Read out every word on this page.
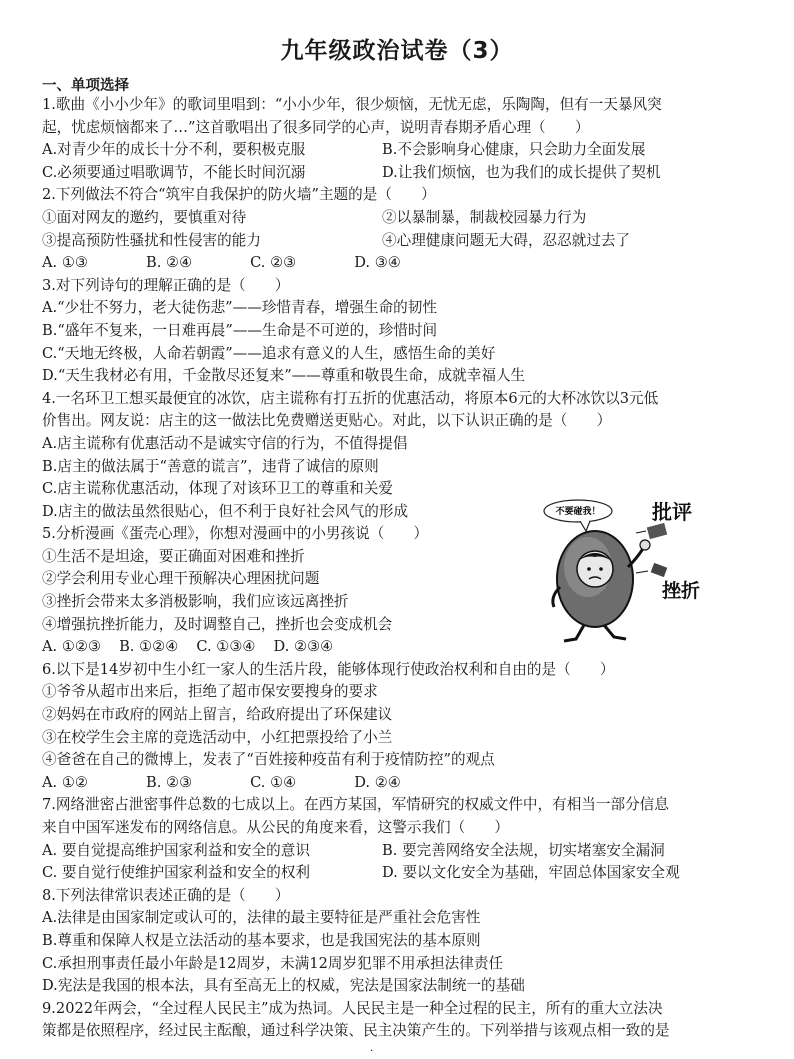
九年级政治试卷（3）
一、单项选择
1.歌曲《小小少年》的歌词里唱到：“小小少年，很少烦恼，无忧无虑，乐陶陶，但有一天暴风突
起，忧虑烦恼都来了…”这首歌唱出了很多同学的心声，说明青春期矛盾心理（　　）
A.对青少年的成长十分不利，要积极克服	B.不会影响身心健康，只会助力全面发展
C.必须要通过唱歌调节，不能长时间沉溺	D.让我们烦恼，也为我们的成长提供了契机
2.下列做法不符合“筑牢自我保护的防火墙”主题的是（　　）
①面对网友的邀约，要慎重对待	②以暴制暴，制裁校园暴力行为
③提高预防性骚扰和性侵害的能力	④心理健康问题无大碍，忍忍就过去了
A. ①③	B. ②④	C. ②③	D. ③④
3.对下列诗句的理解正确的是（　　）
A.“少壮不努力，老大徒伤悲”——珍惜青春，增强生命的韧性
B.“盛年不复来，一日难再晨”——生命是不可逆的，珍惜时间
C.“天地无终极，人命若朝霞”——追求有意义的人生，感悟生命的美好
D.“天生我材必有用，千金散尽还复来”——尊重和敬畏生命，成就幸福人生
4.一名环卫工想买最便宜的冰饮，店主谎称有打五折的优惠活动，将原本6元的大杯冰饮以3元低
价售出。网友说：店主的这一做法比免费赠送更贴心。对此，以下认识正确的是（　　）
A.店主谎称有优惠活动不是诚实守信的行为，不值得提倡
B.店主的做法属于“善意的谎言”，违背了诚信的原则
C.店主谎称优惠活动，体现了对该环卫工的尊重和关爱
D.店主的做法虽然很贴心，但不利于良好社会风气的形成
5.分析漫画《蛋壳心理》，你想对漫画中的小男孩说（　　）
①生活不是坦途，要正确面对困难和挫折
②学会利用专业心理干预解决心理困扰问题
③挫折会带来太多消极影响，我们应该远离挫折
④增强抗挫折能力，及时调整自己，挫折也会变成机会
A. ①②③ B. ①②④ C. ①③④ D. ②③④
6.以下是14岁初中生小红一家人的生活片段，能够体现行使政治权利和自由的是（　　）
①爷爷从超市出来后，拒绝了超市保安要搜身的要求
②妈妈在市政府的网站上留言，给政府提出了环保建议
③在校学生会主席的竞选活动中，小红把票投给了小兰
④爸爸在自己的微博上，发表了“百姓接种疫苗有利于疫情防控”的观点
A. ①②	B. ②③	C. ①④	D. ②④
7.网络泄密占泄密事件总数的七成以上。在西方某国，军情研究的权威文件中，有相当一部分信息
来自中国军迷发布的网络信息。从公民的角度来看，这警示我们（　　）
A. 要自觉提高维护国家利益和安全的意识	B. 要完善网络安全法规，切实堵塞安全漏洞
C. 要自觉行使维护国家利益和安全的权利	D. 要以文化安全为基础，牢固总体国家安全观
8.下列法律常识表述正确的是（　　）
A.法律是由国家制定或认可的，法律的最主要特征是严重社会危害性
B.尊重和保障人权是立法活动的基本要求，也是我国宪法的基本原则
C.承担刑事责任最小年龄是12周岁，未满12周岁犯罪不用承担法律责任
D.宪法是我国的根本法，具有至高无上的权威，宪法是国家法制统一的基础
9.2022年两会，“全过程人民民主”成为热词。人民民主是一种全过程的民主，所有的重大立法决
策都是依照程序，经过民主酝酿，通过科学决策、民主决策产生的。下列举措与该观点相一致的是
不要碰我！	批评
挫折
·
